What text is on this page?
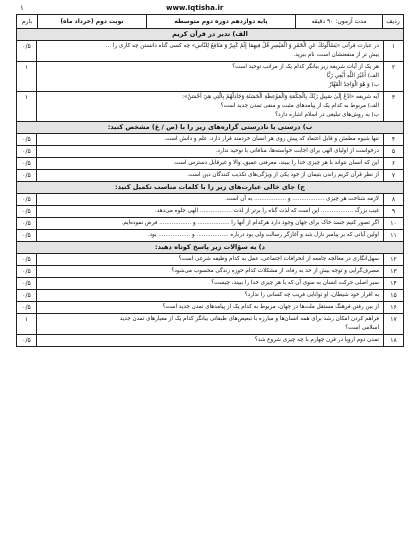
www.Iqtisha.ir
۱
ردیف
مدت آزمون: ۹۰ دقیقه
پایه دوازدهم دوره دوم متوسطه
نوبت دوم (خرداد ماه)
بارم
الف) تدبر در قرآن کریم
۱
در عبارت قرآنی «يَسْأَلُونَكَ عَنِ الْخَمْرِ وَ الْمَيْسِرِ قُلْ فِيهِمَا إِثْمٌ كَبِيرٌ وَ مَنَافِعُ لِلنَّاسِ» چه کسی گناه دانستن چه کاری را ...
بیش تر از منفعتشان است، نام ببرید.
۰/۵
۲
هر یک از آیات شریفه زیر بیانگر کدام یک از مراتب توحید است؟
الف) أَغَيْرَ اللَّهِ أَبْغِي رَبًّا
ب) وَ هُوَ الْوَاحِدُ الْقَهَّارُ
۱
۳
آیه شریفه «ادْعُ إِلَىٰ سَبِيلِ رَبِّكَ بِالْحِكْمَةِ وَالْمَوْعِظَةِ الْحَسَنَةِ وَجَادِلْهُمْ بِالَّتِي هِيَ أَحْسَنُ»:
الف) مربوط به کدام یک از پیامدهای مثبت و منفی تمدن جدید است؟
ب) به روش‌های تبلیغی در اسلام اشاره دارد؟
۱
ب) درستی یا نادرستی گزاره‌های زیر را با (ص / غ) مشخص کنید:
۴
تنها شیوه مطمئن و قابل اعتماد که پیش روی هر انسان خردمند قرار دارد، علم و دانش است.
۰/۵
۵
درخواست از اولیای الهی برای اجابت خواسته‌ها، منافاتی با توحید ندارد.
۰/۵
۶
این که انسان نتواند با هر چیزی خدا را ببیند، معرفتی عمیق، والا و غیرقابل دسترس است.
۰/۵
۷
از نظر قرآن کریم راندن بتیمان از خود یکی از ویژگی‌های تکذیب کنندگان دین است.
۰/۵
ج) جای خالی عبارت‌های زیر را با کلمات مناسب تکمیل کنید:
۸
لازمه شناخت هر چیزی .................. و .................. به آن است.
۰/۵
۹
غیب بزرگ .................. این است که لذت گناه را برتر از لذت .................. الهی جلوه می‌دهد.
۰/۵
۱۰
اگر تصور کنیم جسد خاک برای جهان وجود دارد هرکدام از آنها را .................. و .................. فرض نموده‌ایم.
۰/۵
۱۱
اولین آیاتی که بر پیامبر نازل شد و آغازگر رسالت ولی بود درباره .................. و .................. بود.
۰/۵
د) به سؤالات زیر پاسخ کوتاه دهید:
۱۲
سهل‌انگاری در معالجه جامعه از انحرافات اجتماعی، عمل به کدام وظیفه شرعی است؟
۰/۵
۱۳
مصرف‌گرایی و توجه بیش از حد به رفاه، از مشکلات کدام حوزه زندگی محسوب می‌شود؟
۰/۵
۱۴
سیر اصلی حرکت انسان به سوی آن که با هر چیزی خدا را ببیند، چیست؟
۰/۵
۱۵
به اقرار خود شیطان، او توانایی فریب چه کسانی را ندارد؟
۰/۵
۱۶
از بین رفتن فرهنگ مستقل ملت‌ها در جهان، مربوط به کدام یک از پیامدهای تمدن جدید است؟
۰/۵
۱۷
فراهم کردن امکان رشد برای همه انسان‌ها و مبارزه با تبعیض‌های طبقاتی بیانگر کدام یک از معیارهای تمدن جدید
اسلامی است؟
۱
۱۸
تمدن دوم اروپا در قرن چهارم با چه چیزی شروع شد؟
۰/۵
